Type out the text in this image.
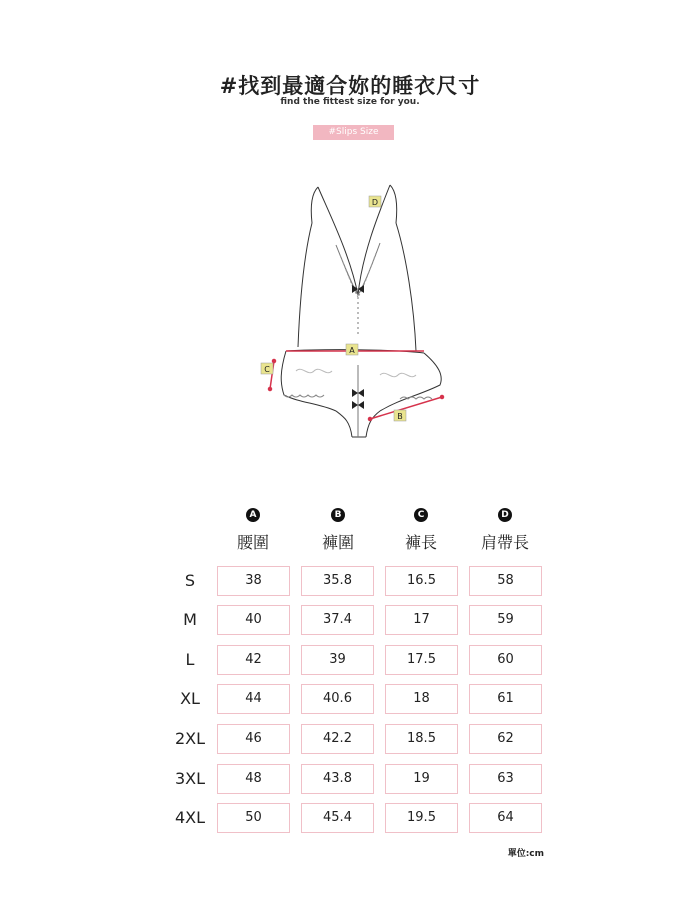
#找到最適合妳的睡衣尺寸
find the fittest size for you.
#Slips Size
D
A
C
B
A
腰圍
B
褲圍
C
褲長
D
肩帶長
S	38	35.8	16.5	58
M	40	37.4	17	59
L	42	39	17.5	60
XL	44	40.6	18	61
2XL	46	42.2	18.5	62
3XL	48	43.8	19	63
4XL	50	45.4	19.5	64
單位:cm
